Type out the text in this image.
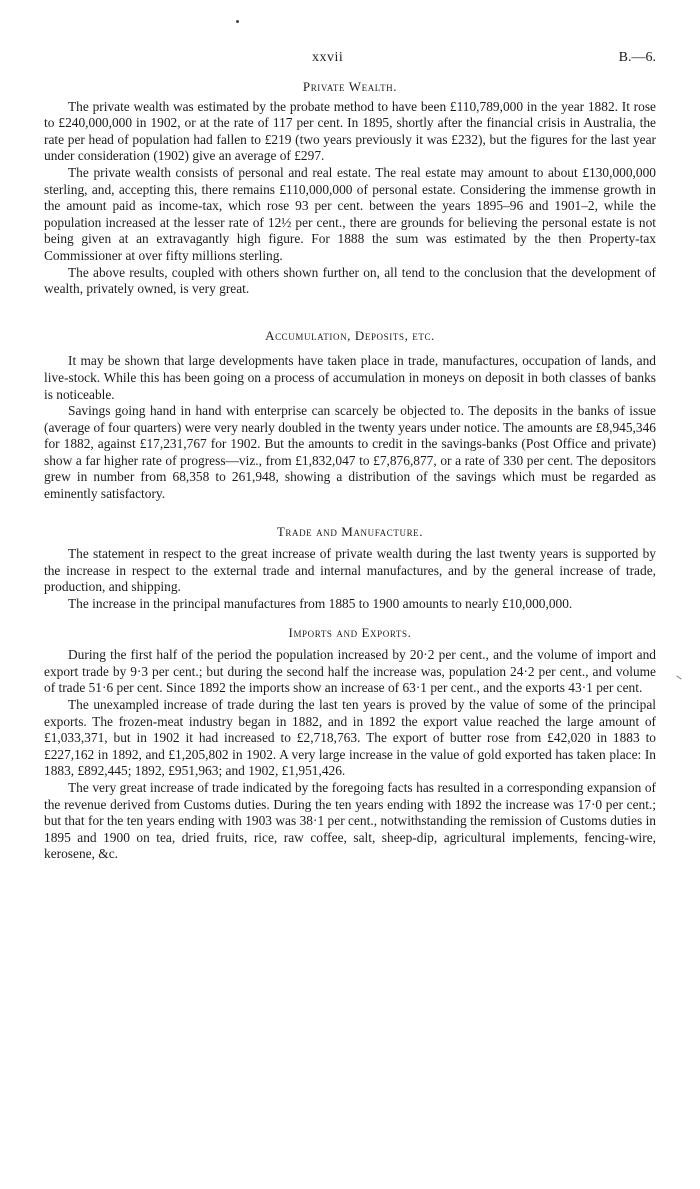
xxvii	B.—6.
Private Wealth.

The private wealth was estimated by the probate method to have been £110,789,000 in the year 1882. It rose to £240,000,000 in 1902, or at the rate of 117 per cent. In 1895, shortly after the financial crisis in Australia, the rate per head of population had fallen to £219 (two years previously it was £232), but the figures for the last year under consideration (1902) give an average of £297.

The private wealth consists of personal and real estate. The real estate may amount to about £130,000,000 sterling, and, accepting this, there remains £110,000,000 of personal estate. Considering the immense growth in the amount paid as income-tax, which rose 93 per cent. between the years 1895–96 and 1901–2, while the population increased at the lesser rate of 12½ per cent., there are grounds for believing the personal estate is not being given at an extravagantly high figure. For 1888 the sum was estimated by the then Property-tax Commissioner at over fifty millions sterling.

The above results, coupled with others shown further on, all tend to the conclusion that the development of wealth, privately owned, is very great.

Accumulation, Deposits, etc.

It may be shown that large developments have taken place in trade, manufactures, occupation of lands, and live-stock. While this has been going on a process of accumulation in moneys on deposit in both classes of banks is noticeable.

Savings going hand in hand with enterprise can scarcely be objected to. The deposits in the banks of issue (average of four quarters) were very nearly doubled in the twenty years under notice. The amounts are £8,945,346 for 1882, against £17,231,767 for 1902. But the amounts to credit in the savings-banks (Post Office and private) show a far higher rate of progress—viz., from £1,832,047 to £7,876,877, or a rate of 330 per cent. The depositors grew in number from 68,358 to 261,948, showing a distribution of the savings which must be regarded as eminently satisfactory.

Trade and Manufacture.

The statement in respect to the great increase of private wealth during the last twenty years is supported by the increase in respect to the external trade and internal manufactures, and by the general increase of trade, production, and shipping.

The increase in the principal manufactures from 1885 to 1900 amounts to nearly £10,000,000.

Imports and Exports.

During the first half of the period the population increased by 20·2 per cent., and the volume of import and export trade by 9·3 per cent.; but during the second half the increase was, population 24·2 per cent., and volume of trade 51·6 per cent. Since 1892 the imports show an increase of 63·1 per cent., and the exports 43·1 per cent.

The unexampled increase of trade during the last ten years is proved by the value of some of the principal exports. The frozen-meat industry began in 1882, and in 1892 the export value reached the large amount of £1,033,371, but in 1902 it had increased to £2,718,763. The export of butter rose from £42,020 in 1883 to £227,162 in 1892, and £1,205,802 in 1902. A very large increase in the value of gold exported has taken place: In 1883, £892,445; 1892, £951,963; and 1902, £1,951,426.

The very great increase of trade indicated by the foregoing facts has resulted in a corresponding expansion of the revenue derived from Customs duties. During the ten years ending with 1892 the increase was 17·0 per cent.; but that for the ten years ending with 1903 was 38·1 per cent., notwithstanding the remission of Customs duties in 1895 and 1900 on tea, dried fruits, rice, raw coffee, salt, sheep-dip, agricultural implements, fencing-wire, kerosene, &c.
